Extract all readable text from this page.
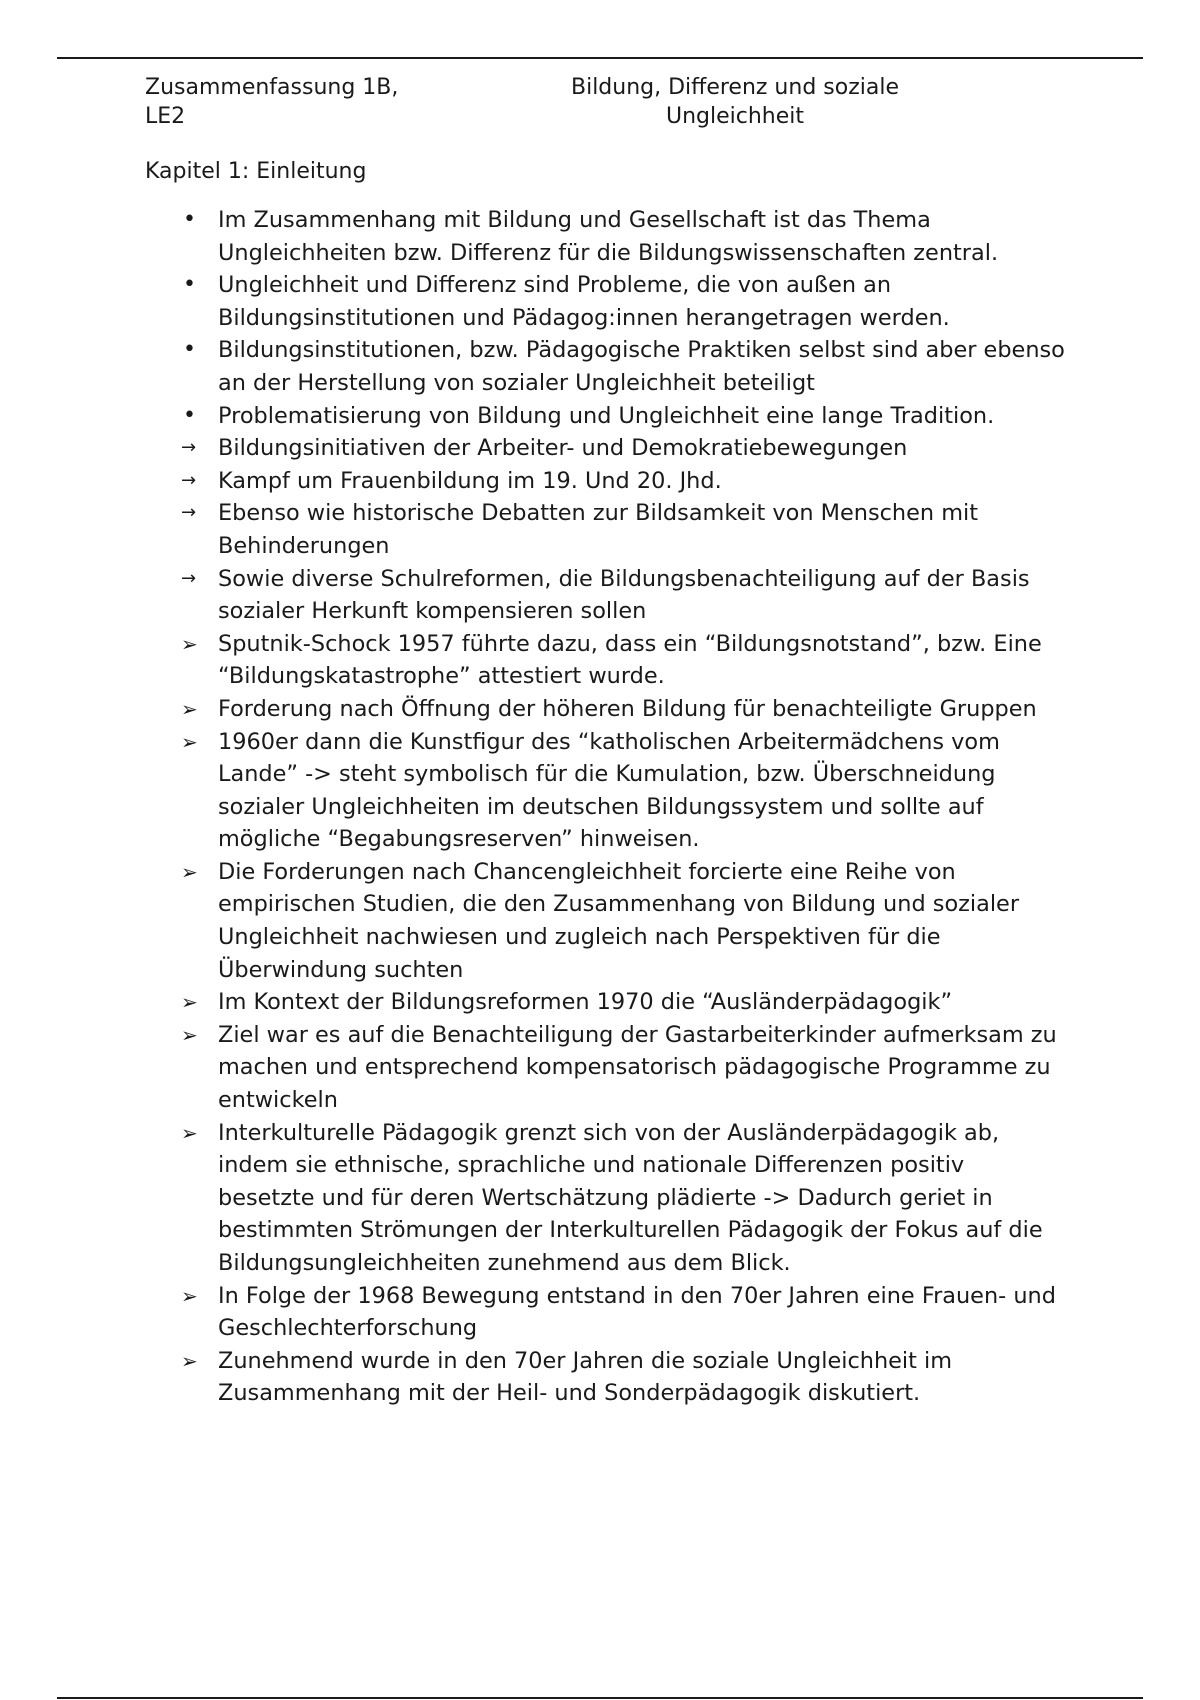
Zusammenfassung 1B,
LE2
Bildung, Differenz und soziale
Ungleichheit
Kapitel 1: Einleitung
• Im Zusammenhang mit Bildung und Gesellschaft ist das Thema Ungleichheiten bzw. Differenz für die Bildungswissenschaften zentral.
• Ungleichheit und Differenz sind Probleme, die von außen an Bildungsinstitutionen und Pädagog:innen herangetragen werden.
• Bildungsinstitutionen, bzw. Pädagogische Praktiken selbst sind aber ebenso an der Herstellung von sozialer Ungleichheit beteiligt
• Problematisierung von Bildung und Ungleichheit eine lange Tradition.
→ Bildungsinitiativen der Arbeiter- und Demokratiebewegungen
→ Kampf um Frauenbildung im 19. Und 20. Jhd.
→ Ebenso wie historische Debatten zur Bildsamkeit von Menschen mit Behinderungen
→ Sowie diverse Schulreformen, die Bildungsbenachteiligung auf der Basis sozialer Herkunft kompensieren sollen
➢ Sputnik-Schock 1957 führte dazu, dass ein “Bildungsnotstand”, bzw. Eine “Bildungskatastrophe” attestiert wurde.
➢ Forderung nach Öffnung der höheren Bildung für benachteiligte Gruppen
➢ 1960er dann die Kunstfigur des “katholischen Arbeitermädchens vom Lande” -> steht symbolisch für die Kumulation, bzw. Überschneidung sozialer Ungleichheiten im deutschen Bildungssystem und sollte auf mögliche “Begabungsreserven” hinweisen.
➢ Die Forderungen nach Chancengleichheit forcierte eine Reihe von empirischen Studien, die den Zusammenhang von Bildung und sozialer Ungleichheit nachwiesen und zugleich nach Perspektiven für die Überwindung suchten
➢ Im Kontext der Bildungsreformen 1970 die “Ausländerpädagogik”
➢ Ziel war es auf die Benachteiligung der Gastarbeiterkinder aufmerksam zu machen und entsprechend kompensatorisch pädagogische Programme zu entwickeln
➢ Interkulturelle Pädagogik grenzt sich von der Ausländerpädagogik ab, indem sie ethnische, sprachliche und nationale Differenzen positiv besetzte und für deren Wertschätzung plädierte -> Dadurch geriet in bestimmten Strömungen der Interkulturellen Pädagogik der Fokus auf die Bildungsungleichheiten zunehmend aus dem Blick.
➢ In Folge der 1968 Bewegung entstand in den 70er Jahren eine Frauen- und Geschlechterforschung
➢ Zunehmend wurde in den 70er Jahren die soziale Ungleichheit im Zusammenhang mit der Heil- und Sonderpädagogik diskutiert.
